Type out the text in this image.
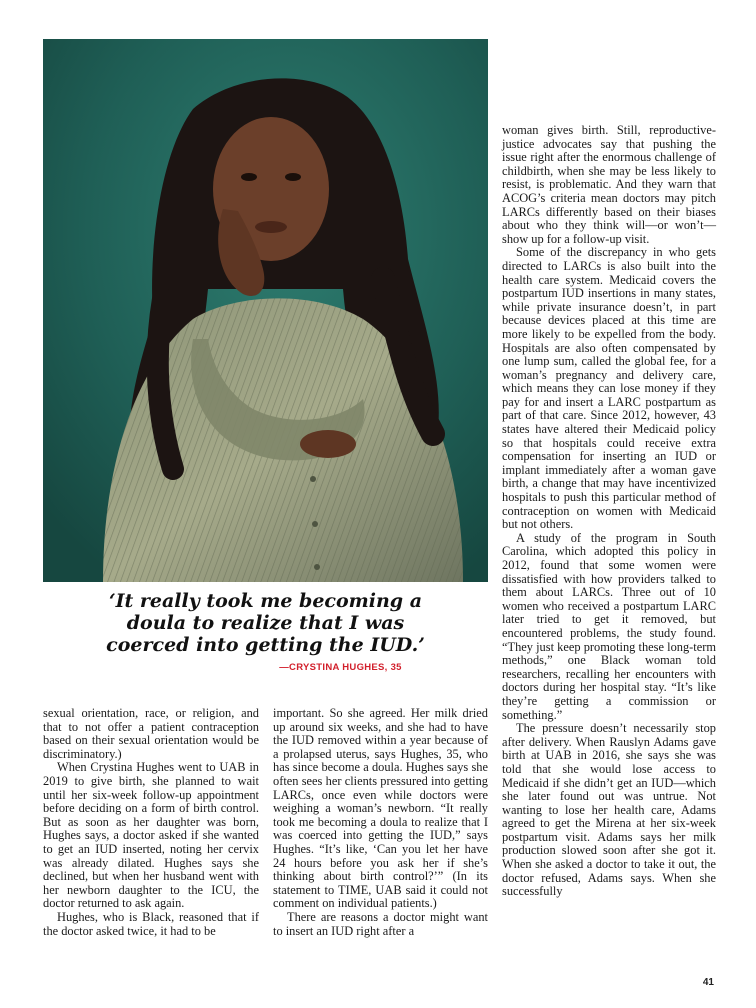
‘It really took me becoming a doula to realize that I was coerced into getting the IUD.’
—CRYSTINA HUGHES, 35

sexual orientation, race, or religion, and that to not offer a patient contraception based on their sexual orientation would be discriminatory.)

When Crystina Hughes went to UAB in 2019 to give birth, she planned to wait until her six-week follow-up appointment before deciding on a form of birth control. But as soon as her daughter was born, Hughes says, a doctor asked if she wanted to get an IUD inserted, noting her cervix was already dilated. Hughes says she declined, but when her husband went with her newborn daughter to the ICU, the doctor returned to ask again.

Hughes, who is Black, reasoned that if the doctor asked twice, it had to be

important. So she agreed. Her milk dried up around six weeks, and she had to have the IUD removed within a year because of a prolapsed uterus, says Hughes, 35, who has since become a doula. Hughes says she often sees her clients pressured into getting LARCs, once even while doctors were weighing a woman’s newborn. “It really took me becoming a doula to realize that I was coerced into getting the IUD,” says Hughes. “It’s like, ‘Can you let her have 24 hours before you ask her if she’s thinking about birth control?’” (In its statement to TIME, UAB said it could not comment on individual patients.)

There are reasons a doctor might want to insert an IUD right after a

woman gives birth. Still, reproductive-justice advocates say that pushing the issue right after the enormous challenge of childbirth, when she may be less likely to resist, is problematic. And they warn that ACOG’s criteria mean doctors may pitch LARCs differently based on their biases about who they think will—or won’t—show up for a follow-up visit.

Some of the discrepancy in who gets directed to LARCs is also built into the health care system. Medicaid covers the postpartum IUD insertions in many states, while private insurance doesn’t, in part because devices placed at this time are more likely to be expelled from the body. Hospitals are also often compensated by one lump sum, called the global fee, for a woman’s pregnancy and delivery care, which means they can lose money if they pay for and insert a LARC postpartum as part of that care. Since 2012, however, 43 states have altered their Medicaid policy so that hospitals could receive extra compensation for inserting an IUD or implant immediately after a woman gave birth, a change that may have incentivized hospitals to push this particular method of contraception on women with Medicaid but not others.

A study of the program in South Carolina, which adopted this policy in 2012, found that some women were dissatisfied with how providers talked to them about LARCs. Three out of 10 women who received a postpartum LARC later tried to get it removed, but encountered problems, the study found. “They just keep promoting these long-term methods,” one Black woman told researchers, recalling her encounters with doctors during her hospital stay. “It’s like they’re getting a commission or something.”

The pressure doesn’t necessarily stop after delivery. When Rauslyn Adams gave birth at UAB in 2016, she says she was told that she would lose access to Medicaid if she didn’t get an IUD—which she later found out was untrue. Not wanting to lose her health care, Adams agreed to get the Mirena at her six-week postpartum visit. Adams says her milk production slowed soon after she got it. When she asked a doctor to take it out, the doctor refused, Adams says. When she successfully

41
